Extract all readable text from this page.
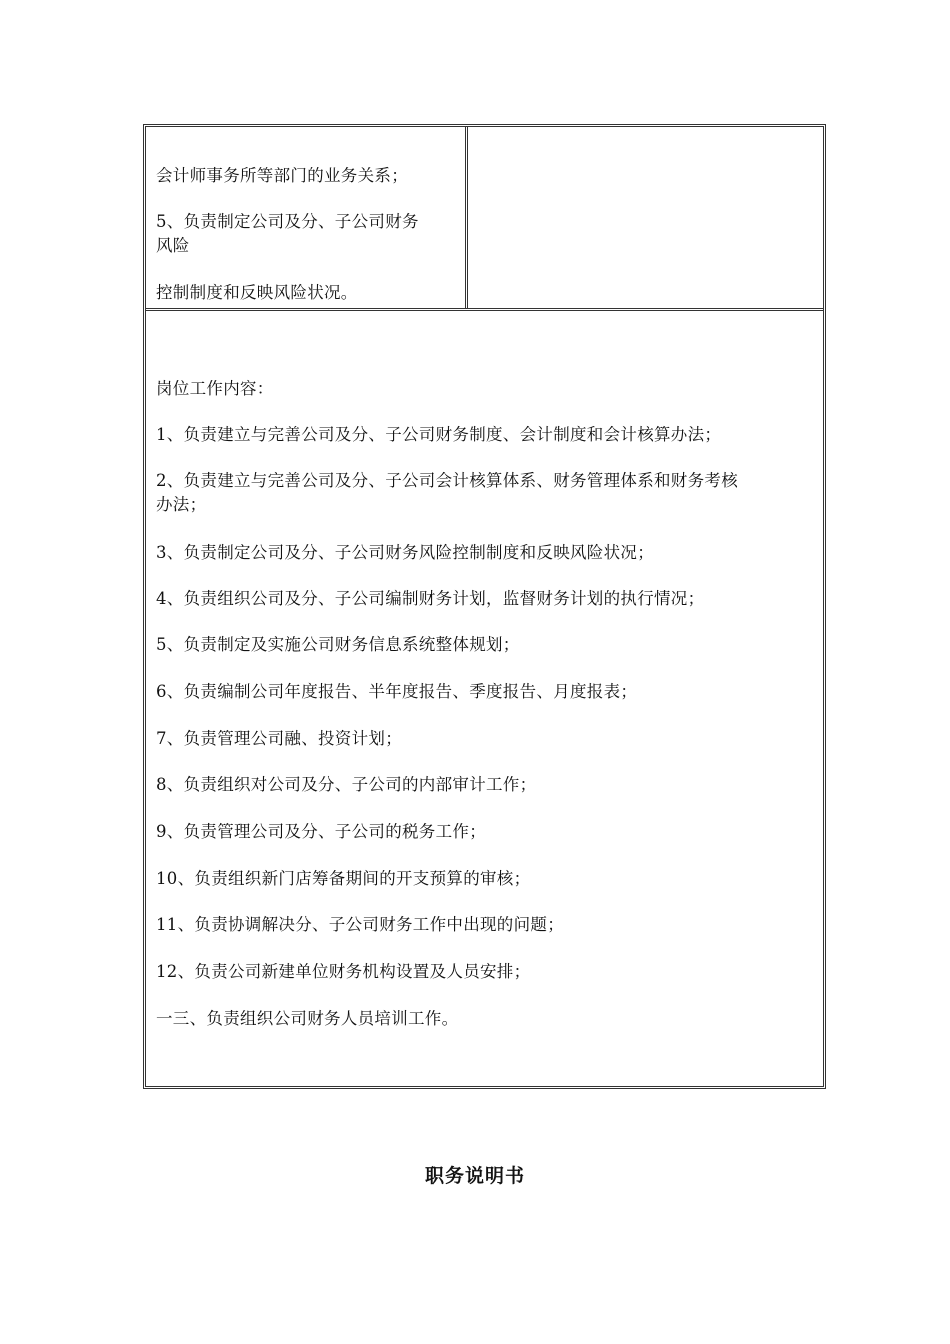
会计师事务所等部门的业务关系；
5、负责制定公司及分、子公司财务
风险
控制制度和反映风险状况。
岗位工作内容：
1、负责建立与完善公司及分、子公司财务制度、会计制度和会计核算办法；
2、负责建立与完善公司及分、子公司会计核算体系、财务管理体系和财务考核
办法；
3、负责制定公司及分、子公司财务风险控制制度和反映风险状况；
4、负责组织公司及分、子公司编制财务计划，监督财务计划的执行情况；
5、负责制定及实施公司财务信息系统整体规划；
6、负责编制公司年度报告、半年度报告、季度报告、月度报表；
7、负责管理公司融、投资计划；
8、负责组织对公司及分、子公司的内部审计工作；
9、负责管理公司及分、子公司的税务工作；
10、负责组织新门店筹备期间的开支预算的审核；
11、负责协调解决分、子公司财务工作中出现的问题；
12、负责公司新建单位财务机构设置及人员安排；
一三、负责组织公司财务人员培训工作。
职务说明书
